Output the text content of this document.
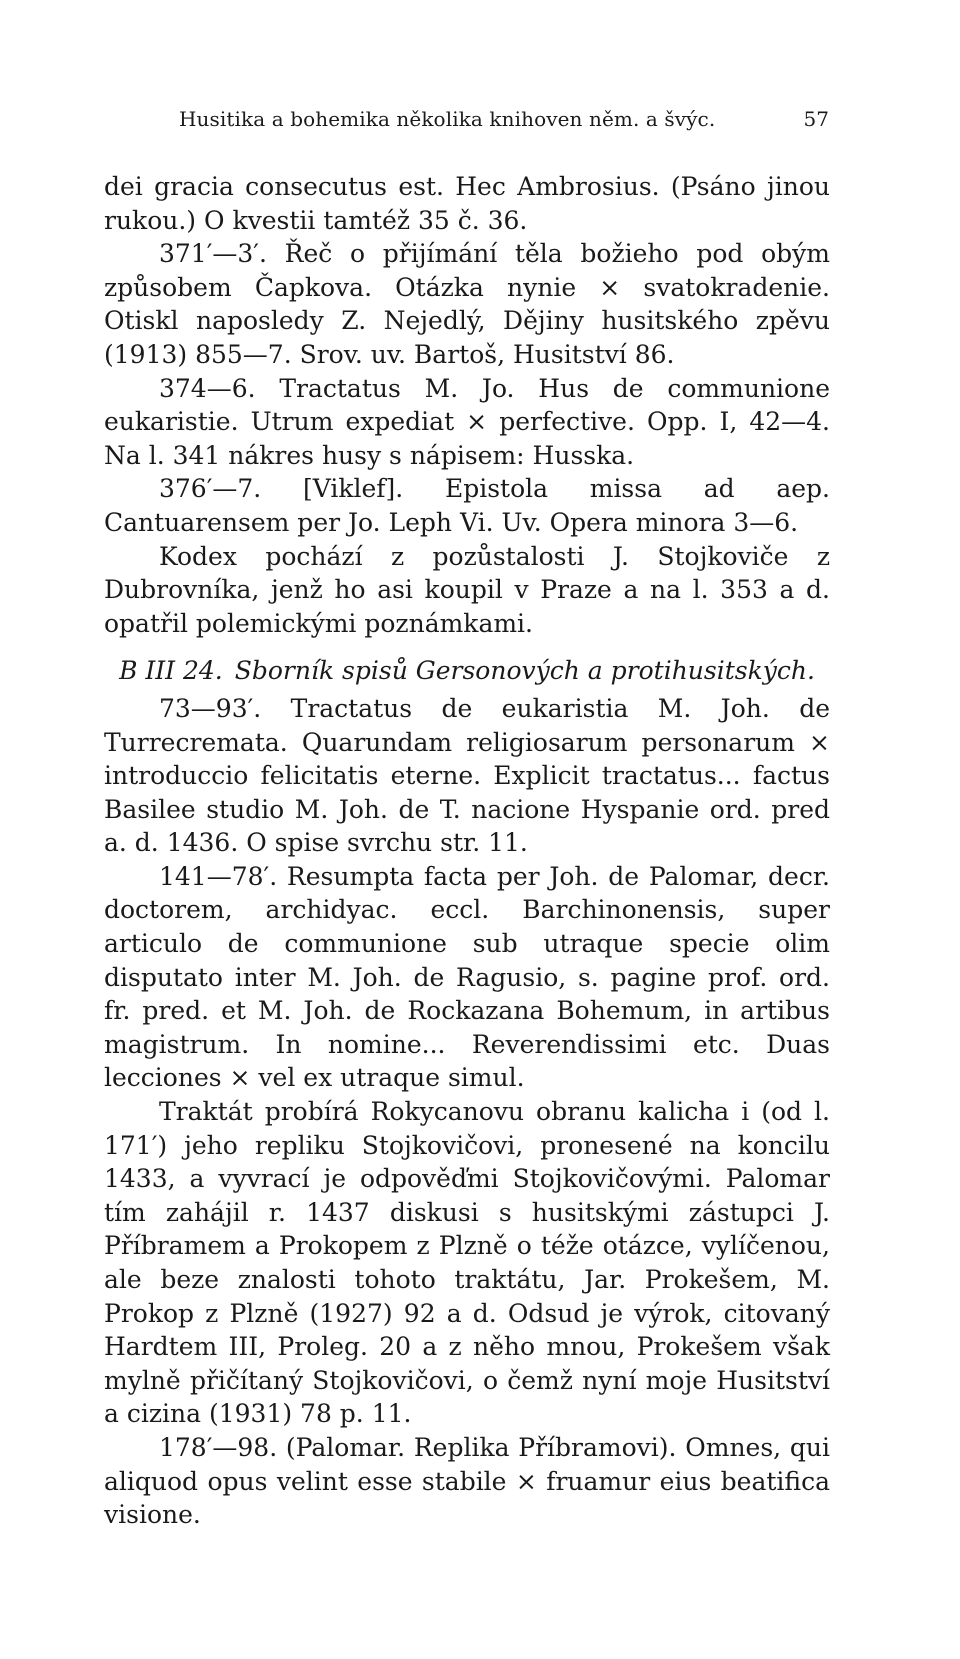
Husitika a bohemika několika knihoven něm. a švýc.	57

dei gracia consecutus est. Hec Ambrosius. (Psáno jinou rukou.) O kvestii tamtéž 35 č. 36.

371′—3′. Řeč o přijímání těla božieho pod obým způsobem Čapkova. Otázka nynie × svatokradenie. Otiskl naposledy Z. Nejedlý, Dějiny husitského zpěvu (1913) 855—7. Srov. uv. Bartoš, Husitství 86.

374—6. Tractatus M. Jo. Hus de communione eukaristie. Utrum expediat × perfective. Opp. I, 42—4. Na l. 341 nákres husy s nápisem: Husska.

376′—7. [Viklef]. Epistola missa ad aep. Cantuarensem per Jo. Leph Vi. Uv. Opera minora 3—6.

Kodex pochází z pozůstalosti J. Stojkoviče z Dubrovníka, jenž ho asi koupil v Praze a na l. 353 a d. opatřil polemickými poznámkami.

B III 24. Sborník spisů Gersonových a protihusitských.

73—93′. Tractatus de eukaristia M. Joh. de Turrecremata. Quarundam religiosarum personarum × introduccio felicitatis eterne. Explicit tractatus... factus Basilee studio M. Joh. de T. nacione Hyspanie ord. pred a. d. 1436. O spise svrchu str. 11.

141—78′. Resumpta facta per Joh. de Palomar, decr. doctorem, archidyac. eccl. Barchinonensis, super articulo de communione sub utraque specie olim disputato inter M. Joh. de Ragusio, s. pagine prof. ord. fr. pred. et M. Joh. de Rockazana Bohemum, in artibus magistrum. In nomine... Reverendissimi etc. Duas lecciones × vel ex utraque simul.

Traktát probírá Rokycanovu obranu kalicha i (od l. 171′) jeho repliku Stojkovičovi, pronesené na koncilu 1433, a vyvrací je odpověďmi Stojkovičovými. Palomar tím zahájil r. 1437 diskusi s husitskými zástupci J. Příbramem a Prokopem z Plzně o téže otázce, vylíčenou, ale beze znalosti tohoto traktátu, Jar. Prokešem, M. Prokop z Plzně (1927) 92 a d. Odsud je výrok, citovaný Hardtem III, Proleg. 20 a z něho mnou, Prokešem však mylně přičítaný Stojkovičovi, o čemž nyní moje Husitství a cizina (1931) 78 p. 11.

178′—98. (Palomar. Replika Příbramovi). Omnes, qui aliquod opus velint esse stabile × fruamur eius beatifica visione.
